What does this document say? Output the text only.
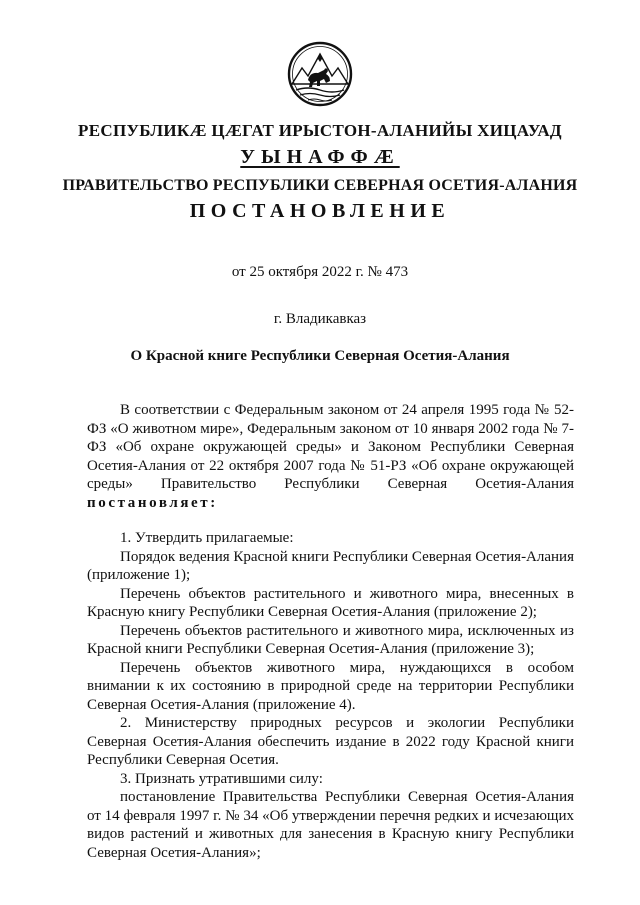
РЕСПУБЛИКÆ ЦÆГАТ ИРЫСТОН-АЛАНИЙЫ ХИЦАУАД
УЫНАФФÆ
ПРАВИТЕЛЬСТВО РЕСПУБЛИКИ СЕВЕРНАЯ ОСЕТИЯ-АЛАНИЯ
ПОСТАНОВЛЕНИЕ
от 25 октября 2022 г. № 473
г. Владикавказ
О Красной книге Республики Северная Осетия-Алания

В соответствии с Федеральным законом от 24 апреля 1995 года № 52-ФЗ «О животном мире», Федеральным законом от 10 января 2002 года № 7-ФЗ «Об охране окружающей среды» и Законом Республики Северная Осетия-Алания от 22 октября 2007 года № 51-РЗ «Об охране окружающей среды» Правительство Республики Северная Осетия-Алания постановляет:

1. Утвердить прилагаемые:

Порядок ведения Красной книги Республики Северная Осетия-Алания (приложение 1);

Перечень объектов растительного и животного мира, внесенных в Красную книгу Республики Северная Осетия-Алания (приложение 2);

Перечень объектов растительного и животного мира, исключенных из Красной книги Республики Северная Осетия-Алания (приложение 3);

Перечень объектов животного мира, нуждающихся в особом внимании к их состоянию в природной среде на территории Республики Северная Осетия-Алания (приложение 4).

2. Министерству природных ресурсов и экологии Республики Северная Осетия-Алания обеспечить издание в 2022 году Красной книги Республики Северная Осетия.

3. Признать утратившими силу:

постановление Правительства Республики Северная Осетия-Алания от 14 февраля 1997 г. № 34 «Об утверждении перечня редких и исчезающих видов растений и животных для занесения в Красную книгу Республики Северная Осетия-Алания»;
